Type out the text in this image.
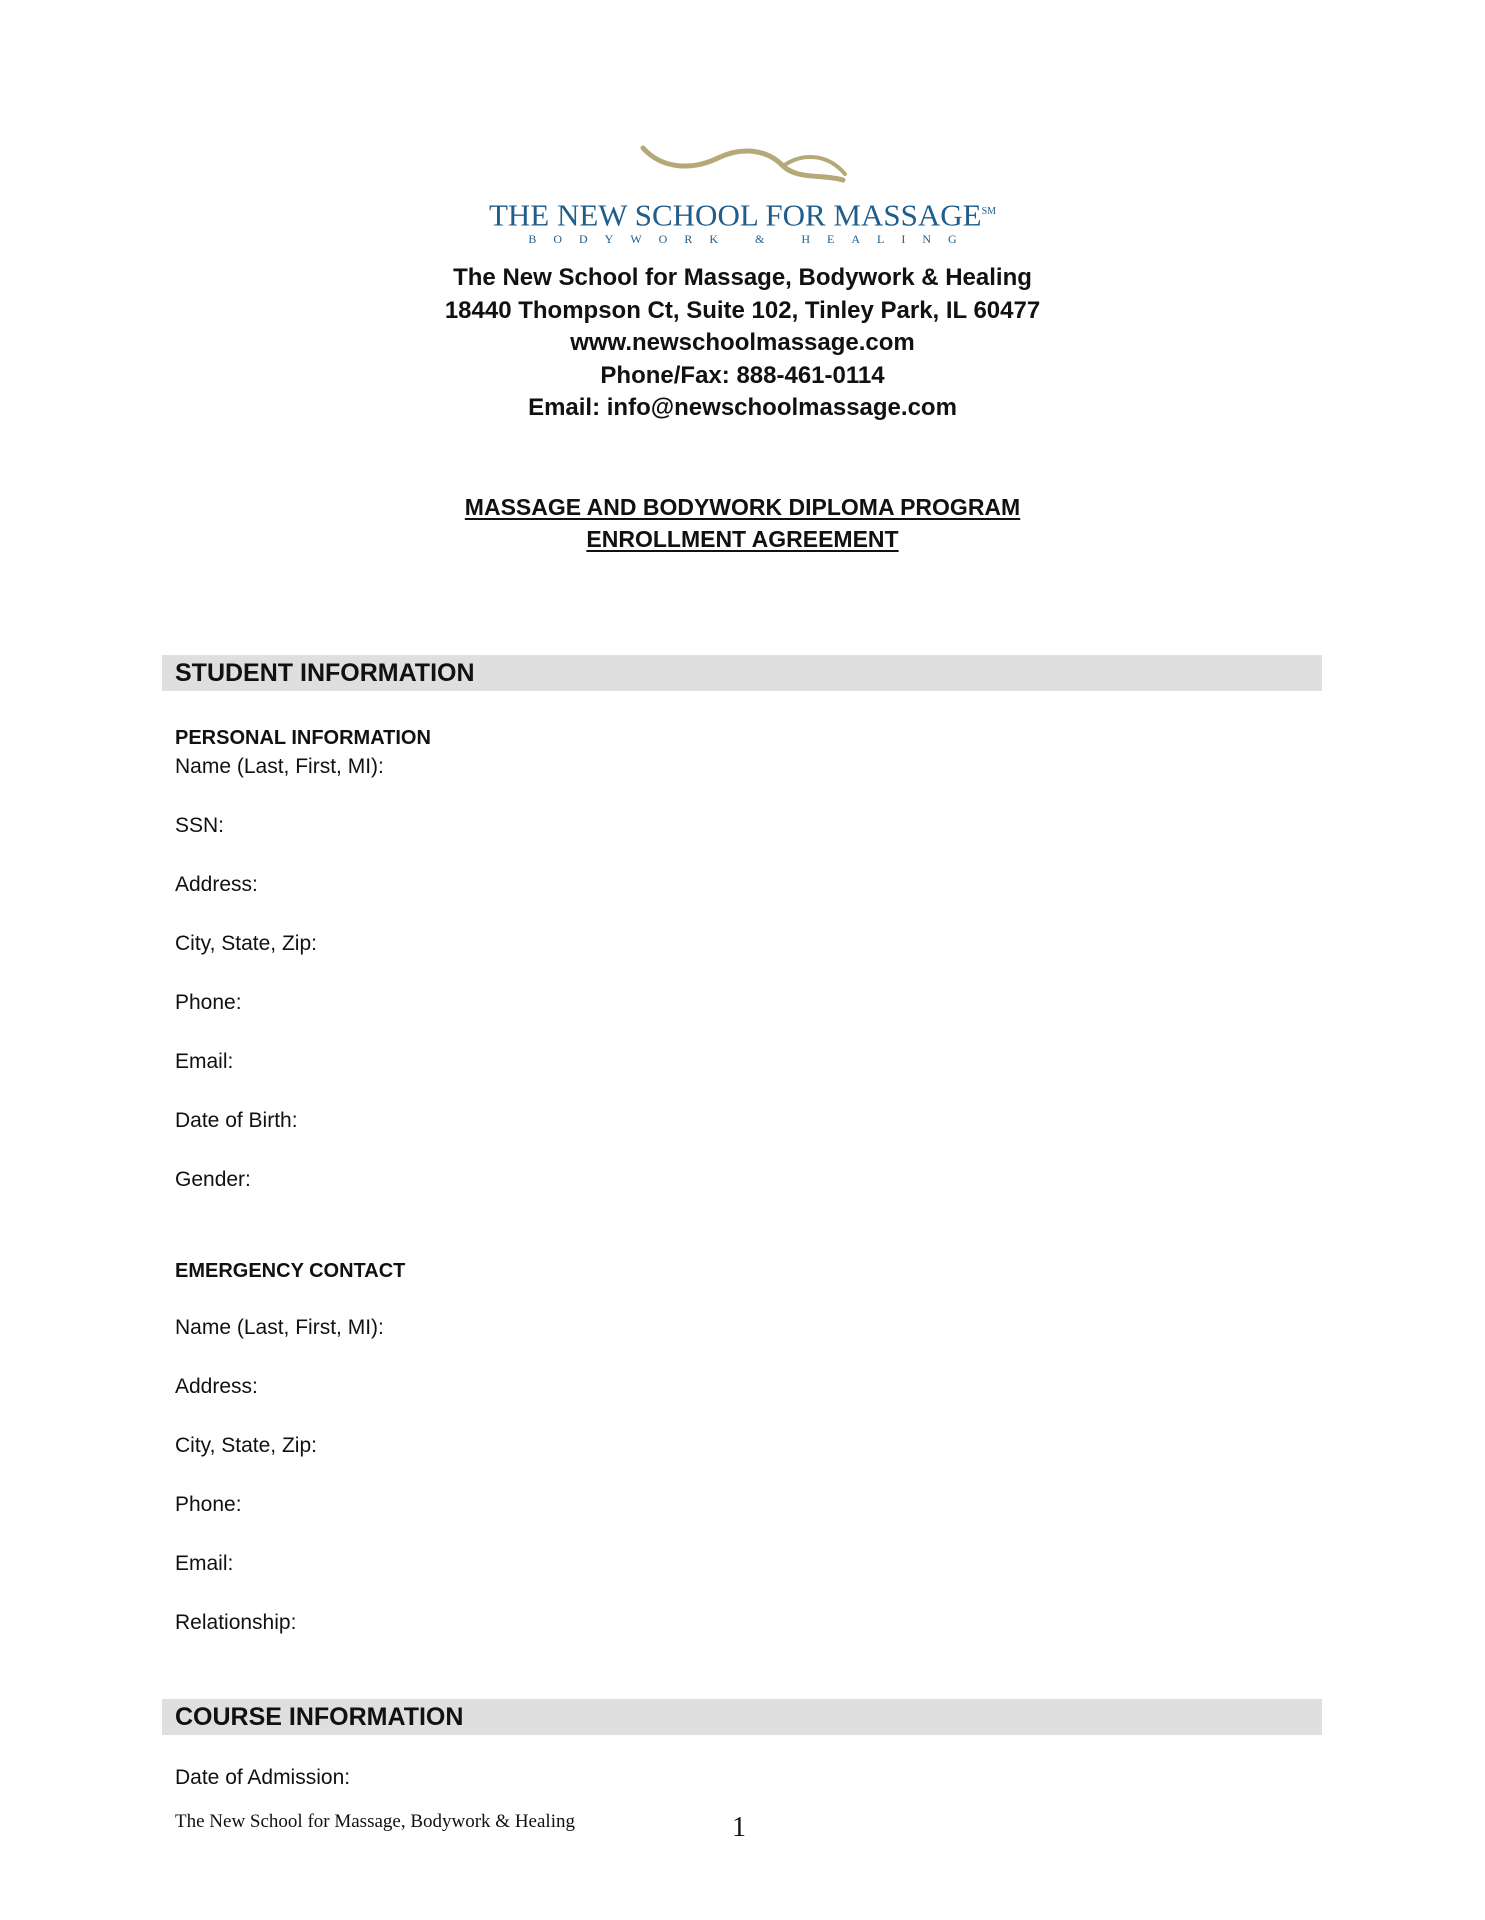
THE NEW SCHOOL FOR MASSAGE℠
BODYWORK & HEALING
The New School for Massage, Bodywork & Healing
18440 Thompson Ct, Suite 102, Tinley Park, IL 60477
www.newschoolmassage.com
Phone/Fax: 888-461-0114
Email: info@newschoolmassage.com
MASSAGE AND BODYWORK DIPLOMA PROGRAM
ENROLLMENT AGREEMENT
STUDENT INFORMATION
PERSONAL INFORMATION
Name (Last, First, MI):
SSN:
Address:
City, State, Zip:
Phone:
Email:
Date of Birth:
Gender:
EMERGENCY CONTACT
Name (Last, First, MI):
Address:
City, State, Zip:
Phone:
Email:
Relationship:
COURSE INFORMATION
Date of Admission:
The New School for Massage, Bodywork & Healing	1
